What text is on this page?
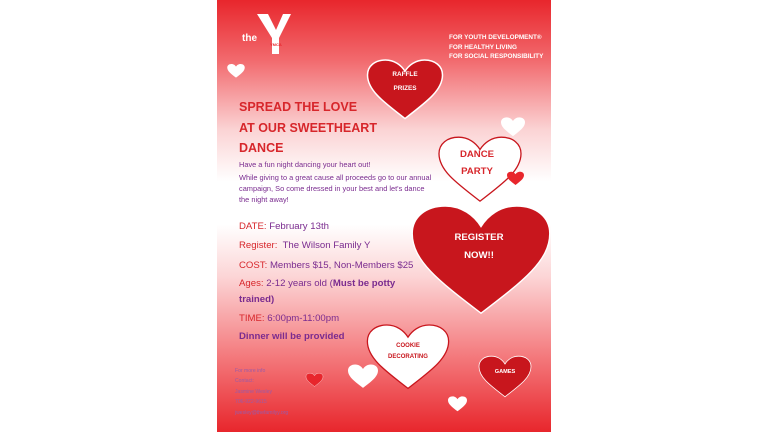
the
YMCA
FOR YOUTH DEVELOPMENT®
FOR HEALTHY LIVING
FOR SOCIAL RESPONSIBILITY
RAFFLE
PRIZES
SPREAD THE LOVE
AT OUR SWEETHEART
DANCE	DANCE
PARTY
Have a fun night dancing your heart out!
While giving to a great cause all proceeds go to our annual campaign, So come dressed in your best and let's dance the night away!
REGISTER
NOW!!
DATE: February 13th
Register: The Wilson Family Y
COST: Members $15, Non-Members $25
Ages: 2-12 years old (Must be potty trained)
TIME: 6:00pm-11:00pm
Dinner will be provided
COOKIE
DECORATING
GAMES
For more info
Contact:
Jasmine Wesley
706-922-9615
jwesley@thefamilyy.org
